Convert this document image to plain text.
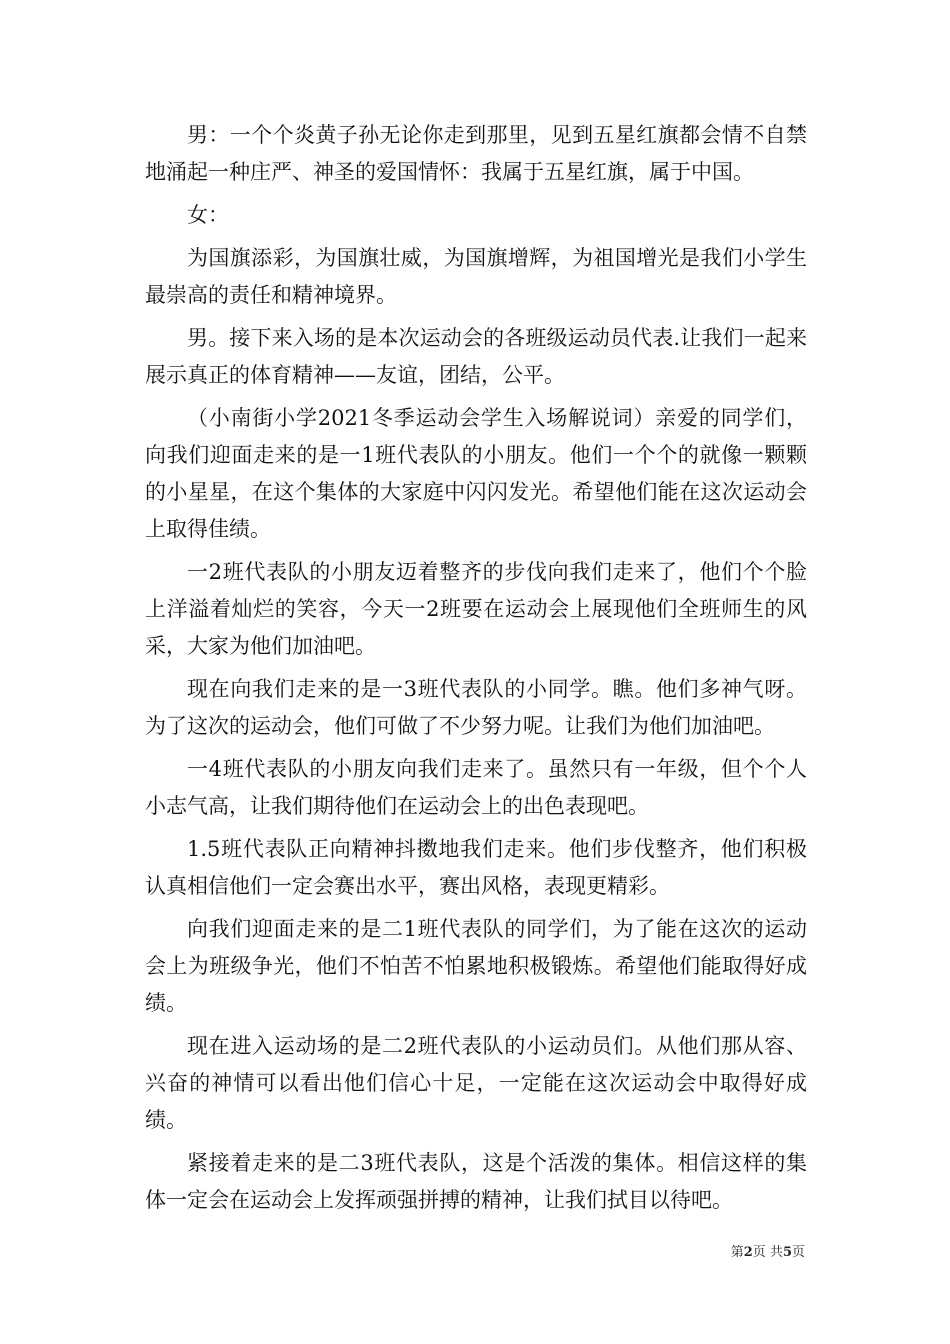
男：一个个炎黄子孙无论你走到那里，见到五星红旗都会情不自禁地涌起一种庄严、神圣的爱国情怀：我属于五星红旗，属于中国。

女：

为国旗添彩，为国旗壮威，为国旗增辉，为祖国增光是我们小学生最崇高的责任和精神境界。

男。接下来入场的是本次运动会的各班级运动员代表.让我们一起来展示真正的体育精神——友谊，团结，公平。

（小南街小学2021冬季运动会学生入场解说词）亲爱的同学们，向我们迎面走来的是一1班代表队的小朋友。他们一个个的就像一颗颗的小星星，在这个集体的大家庭中闪闪发光。希望他们能在这次运动会上取得佳绩。

一2班代表队的小朋友迈着整齐的步伐向我们走来了，他们个个脸上洋溢着灿烂的笑容，今天一2班要在运动会上展现他们全班师生的风采，大家为他们加油吧。

现在向我们走来的是一3班代表队的小同学。瞧。他们多神气呀。为了这次的运动会，他们可做了不少努力呢。让我们为他们加油吧。

一4班代表队的小朋友向我们走来了。虽然只有一年级，但个个人小志气高，让我们期待他们在运动会上的出色表现吧。

1.5班代表队正向精神抖擞地我们走来。他们步伐整齐，他们积极认真相信他们一定会赛出水平，赛出风格，表现更精彩。

向我们迎面走来的是二1班代表队的同学们，为了能在这次的运动会上为班级争光，他们不怕苦不怕累地积极锻炼。希望他们能取得好成绩。

现在进入运动场的是二2班代表队的小运动员们。从他们那从容、兴奋的神情可以看出他们信心十足，一定能在这次运动会中取得好成绩。

紧接着走来的是二3班代表队，这是个活泼的集体。相信这样的集体一定会在运动会上发挥顽强拼搏的精神，让我们拭目以待吧。

第2页 共5页
